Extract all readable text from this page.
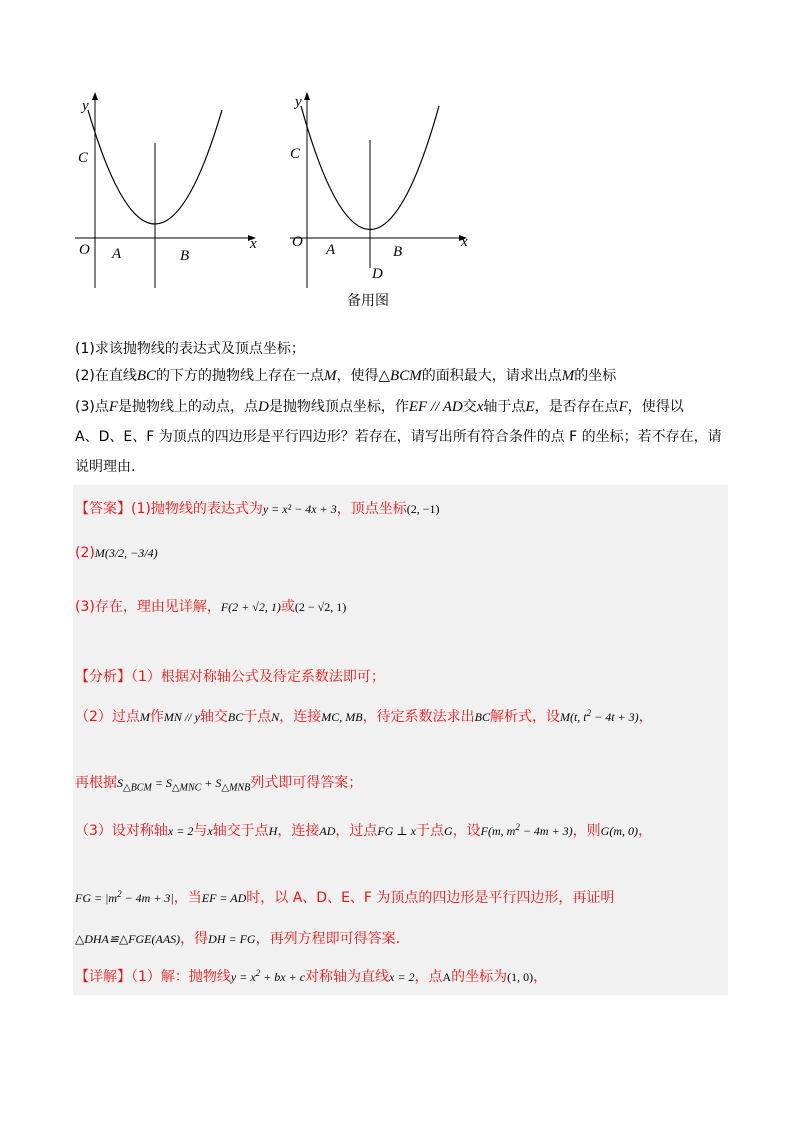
y
x
C
O A	B
y
x
C
O A	B
D
备用图
(1)求该抛物线的表达式及顶点坐标；
(2)在直线BC的下方的抛物线上存在一点M，使得△BCM的面积最大，请求出点M的坐标
(3)点F是抛物线上的动点，点D是抛物线顶点坐标，作EF // AD交x轴于点E，是否存在点F，使得以
A、D、E、F 为顶点的四边形是平行四边形？若存在，请写出所有符合条件的点 F 的坐标；若不存在，请
说明理由.
【答案】(1)抛物线的表达式为y = x² − 4x + 3，顶点坐标(2, −1)
(2)M(3/2, −3/4)
(3)存在，理由见详解，F(2 + √2, 1)或(2 − √2, 1)
【分析】（1）根据对称轴公式及待定系数法即可；
（2）过点M作MN // y轴交BC于点N，连接MC, MB，待定系数法求出BC解析式，设M(t, $t^2 - 4t + 3$)，
再根据$S_{\triangle BCM} = S_{\triangle MNC} + S_{\triangle MNB}$列式即可得答案；
（3）设对称轴x = 2与x轴交于点H，连接AD，过点FG ⊥ x于点G，设F(m, $m^2 - 4m + 3$)，则G(m, 0)，
FG = $|m^2 - 4m + 3|$，当EF = AD时，以 A、D、E、F 为顶点的四边形是平行四边形，再证明
△DHA≌△FGE(AAS)，得DH = FG，再列方程即可得答案.
【详解】（1）解：抛物线$y = x^2$ + bx + c对称轴为直线x = 2，点A的坐标为(1, 0)，
